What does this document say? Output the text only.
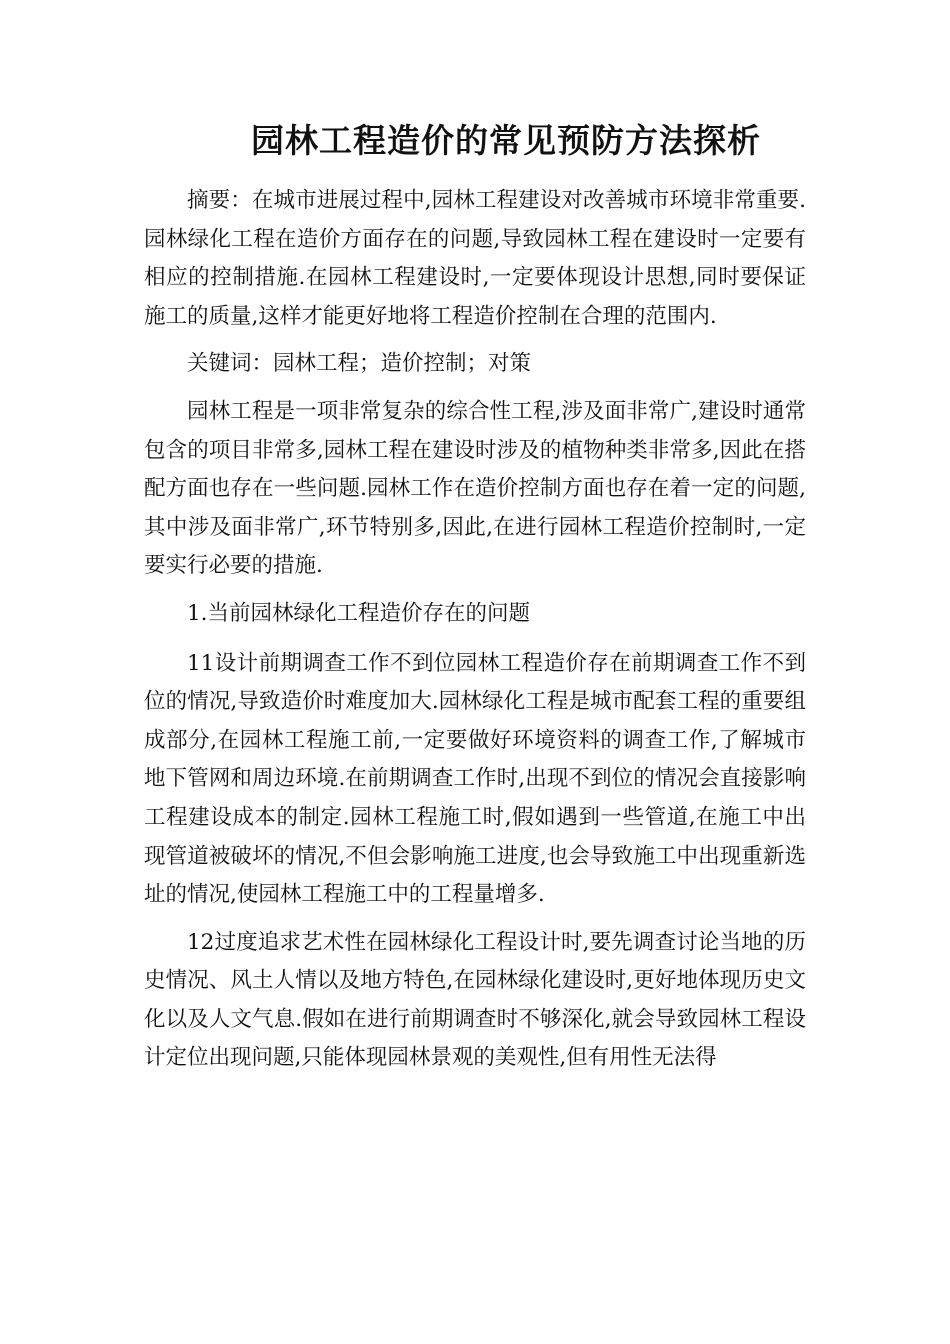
园林工程造价的常见预防方法探析

摘要：在城市进展过程中,园林工程建设对改善城市环境非常重要.园林绿化工程在造价方面存在的问题,导致园林工程在建设时一定要有相应的控制措施.在园林工程建设时,一定要体现设计思想,同时要保证施工的质量,这样才能更好地将工程造价控制在合理的范围内.

关键词：园林工程；造价控制；对策

园林工程是一项非常复杂的综合性工程,涉及面非常广,建设时通常包含的项目非常多,园林工程在建设时涉及的植物种类非常多,因此在搭配方面也存在一些问题.园林工作在造价控制方面也存在着一定的问题,其中涉及面非常广,环节特别多,因此,在进行园林工程造价控制时,一定要实行必要的措施.

1.当前园林绿化工程造价存在的问题

11设计前期调查工作不到位园林工程造价存在前期调查工作不到位的情况,导致造价时难度加大.园林绿化工程是城市配套工程的重要组成部分,在园林工程施工前,一定要做好环境资料的调查工作,了解城市地下管网和周边环境.在前期调查工作时,出现不到位的情况会直接影响工程建设成本的制定.园林工程施工时,假如遇到一些管道,在施工中出现管道被破坏的情况,不但会影响施工进度,也会导致施工中出现重新选址的情况,使园林工程施工中的工程量增多.

12过度追求艺术性在园林绿化工程设计时,要先调查讨论当地的历史情况、风土人情以及地方特色,在园林绿化建设时,更好地体现历史文化以及人文气息.假如在进行前期调查时不够深化,就会导致园林工程设计定位出现问题,只能体现园林景观的美观性,但有用性无法得
